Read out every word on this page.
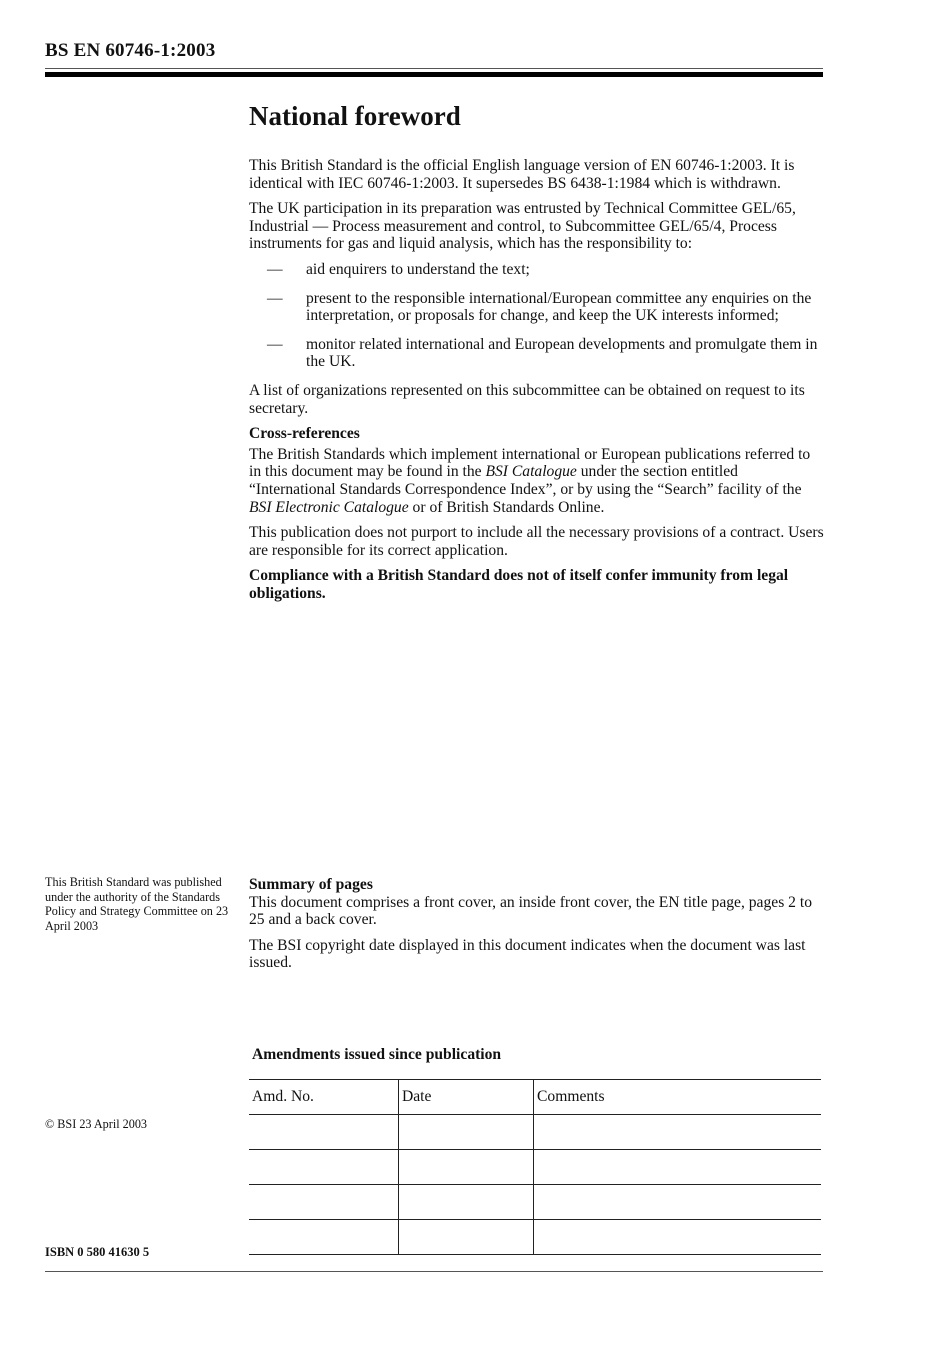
BS EN 60746-1:2003
National foreword

This British Standard is the official English language version of EN 60746-1:2003. It is identical with IEC 60746-1:2003. It supersedes BS 6438-1:1984 which is withdrawn.

The UK participation in its preparation was entrusted by Technical Committee GEL/65, Industrial — Process measurement and control, to Subcommittee GEL/65/4, Process instruments for gas and liquid analysis, which has the responsibility to:

— aid enquirers to understand the text;
— present to the responsible international/European committee any enquiries on the interpretation, or proposals for change, and keep the UK interests informed;
— monitor related international and European developments and promulgate them in the UK.

A list of organizations represented on this subcommittee can be obtained on request to its secretary.

Cross-references

The British Standards which implement international or European publications referred to in this document may be found in the BSI Catalogue under the section entitled “International Standards Correspondence Index”, or by using the “Search” facility of the BSI Electronic Catalogue or of British Standards Online.

This publication does not purport to include all the necessary provisions of a contract. Users are responsible for its correct application.

Compliance with a British Standard does not of itself confer immunity from legal obligations.

This British Standard was published under the authority of the Standards Policy and Strategy Committee on 23 April 2003

Summary of pages

This document comprises a front cover, an inside front cover, the EN title page, pages 2 to 25 and a back cover.

The BSI copyright date displayed in this document indicates when the document was last issued.

Amendments issued since publication
Amd. No.	Date	Comments

© BSI 23 April 2003
ISBN 0 580 41630 5
